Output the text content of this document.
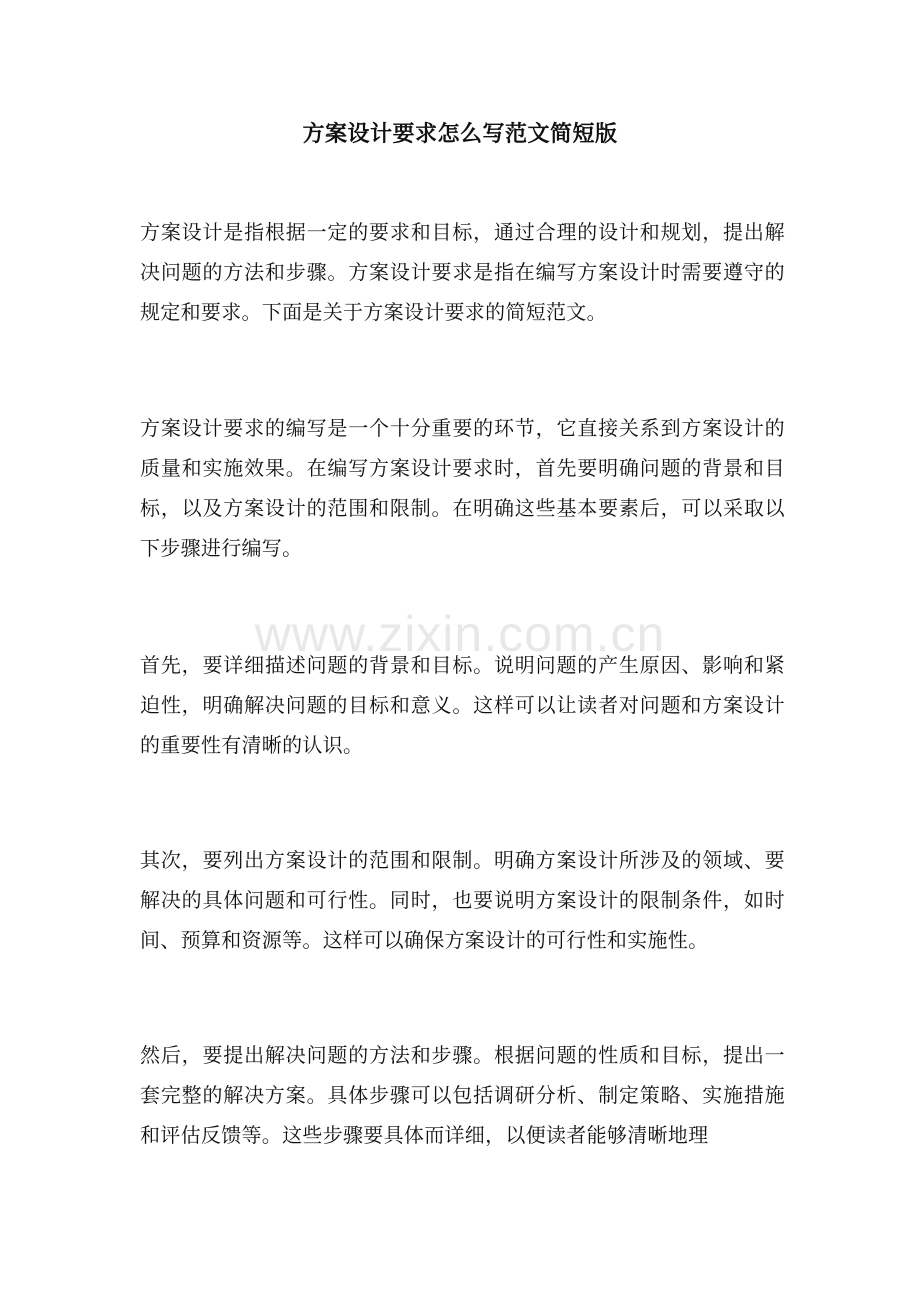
方案设计要求怎么写范文简短版

方案设计是指根据一定的要求和目标，通过合理的设计和规划，提出解决问题的方法和步骤。方案设计要求是指在编写方案设计时需要遵守的规定和要求。下面是关于方案设计要求的简短范文。

方案设计要求的编写是一个十分重要的环节，它直接关系到方案设计的质量和实施效果。在编写方案设计要求时，首先要明确问题的背景和目标，以及方案设计的范围和限制。在明确这些基本要素后，可以采取以下步骤进行编写。

首先，要详细描述问题的背景和目标。说明问题的产生原因、影响和紧迫性，明确解决问题的目标和意义。这样可以让读者对问题和方案设计的重要性有清晰的认识。

其次，要列出方案设计的范围和限制。明确方案设计所涉及的领域、要解决的具体问题和可行性。同时，也要说明方案设计的限制条件，如时间、预算和资源等。这样可以确保方案设计的可行性和实施性。

然后，要提出解决问题的方法和步骤。根据问题的性质和目标，提出一套完整的解决方案。具体步骤可以包括调研分析、制定策略、实施措施和评估反馈等。这些步骤要具体而详细，以便读者能够清晰地理

www.zixin.com.cn
